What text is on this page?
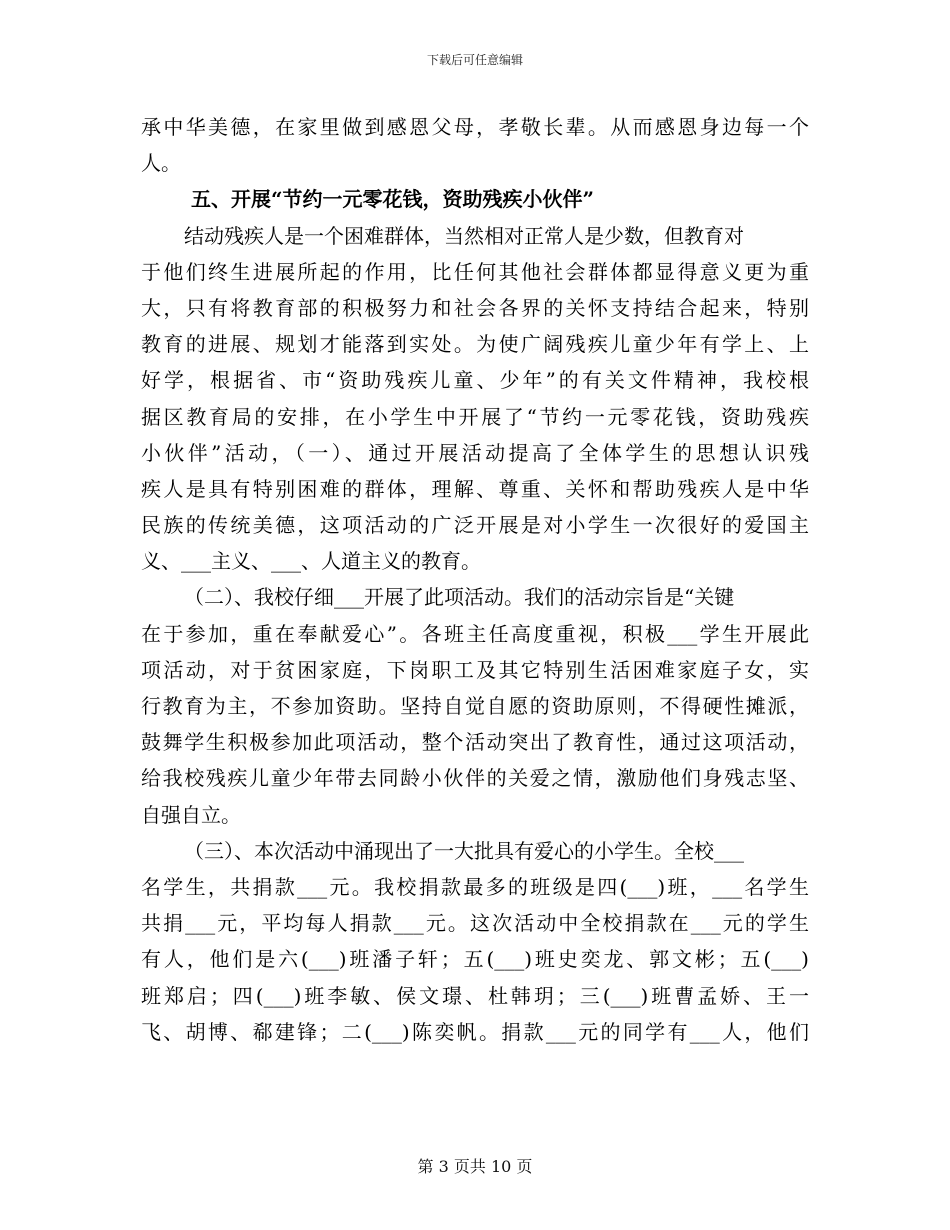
下载后可任意编辑
承中华美德，在家里做到感恩父母，孝敬长辈。从而感恩身边每一个
人。
五、开展“节约一元零花钱，资助残疾小伙伴”
结动残疾人是一个困难群体，当然相对正常人是少数，但教育对
于他们终生进展所起的作用，比任何其他社会群体都显得意义更为重
大，只有将教育部的积极努力和社会各界的关怀支持结合起来，特别
教育的进展、规划才能落到实处。为使广阔残疾儿童少年有学上、上
好学，根据省、市“资助残疾儿童、少年”的有关文件精神，我校根
据区教育局的安排，在小学生中开展了“节约一元零花钱，资助残疾
小伙伴”活动，（一）、通过开展活动提高了全体学生的思想认识残
疾人是具有特别困难的群体，理解、尊重、关怀和帮助残疾人是中华
民族的传统美德，这项活动的广泛开展是对小学生一次很好的爱国主
义、___主义、___、人道主义的教育。
（二）、我校仔细___开展了此项活动。我们的活动宗旨是“关键
在于参加，重在奉献爱心”。各班主任高度重视，积极___学生开展此
项活动，对于贫困家庭，下岗职工及其它特别生活困难家庭子女，实
行教育为主，不参加资助。坚持自觉自愿的资助原则，不得硬性摊派，
鼓舞学生积极参加此项活动，整个活动突出了教育性，通过这项活动，
给我校残疾儿童少年带去同龄小伙伴的关爱之情，激励他们身残志坚、
自强自立。
（三）、本次活动中涌现出了一大批具有爱心的小学生。全校___
名学生，共捐款___元。我校捐款最多的班级是四(___)班，___名学生
共捐___元，平均每人捐款___元。这次活动中全校捐款在___元的学生
有人，他们是六(___)班潘子轩；五(___)班史奕龙、郭文彬；五(___)
班郑启；四(___)班李敏、侯文璟、杜韩玥；三(___)班曹孟娇、王一
飞、胡博、郗建锋；二(___)陈奕帆。捐款___元的同学有___人，他们
第 3 页共 10 页
